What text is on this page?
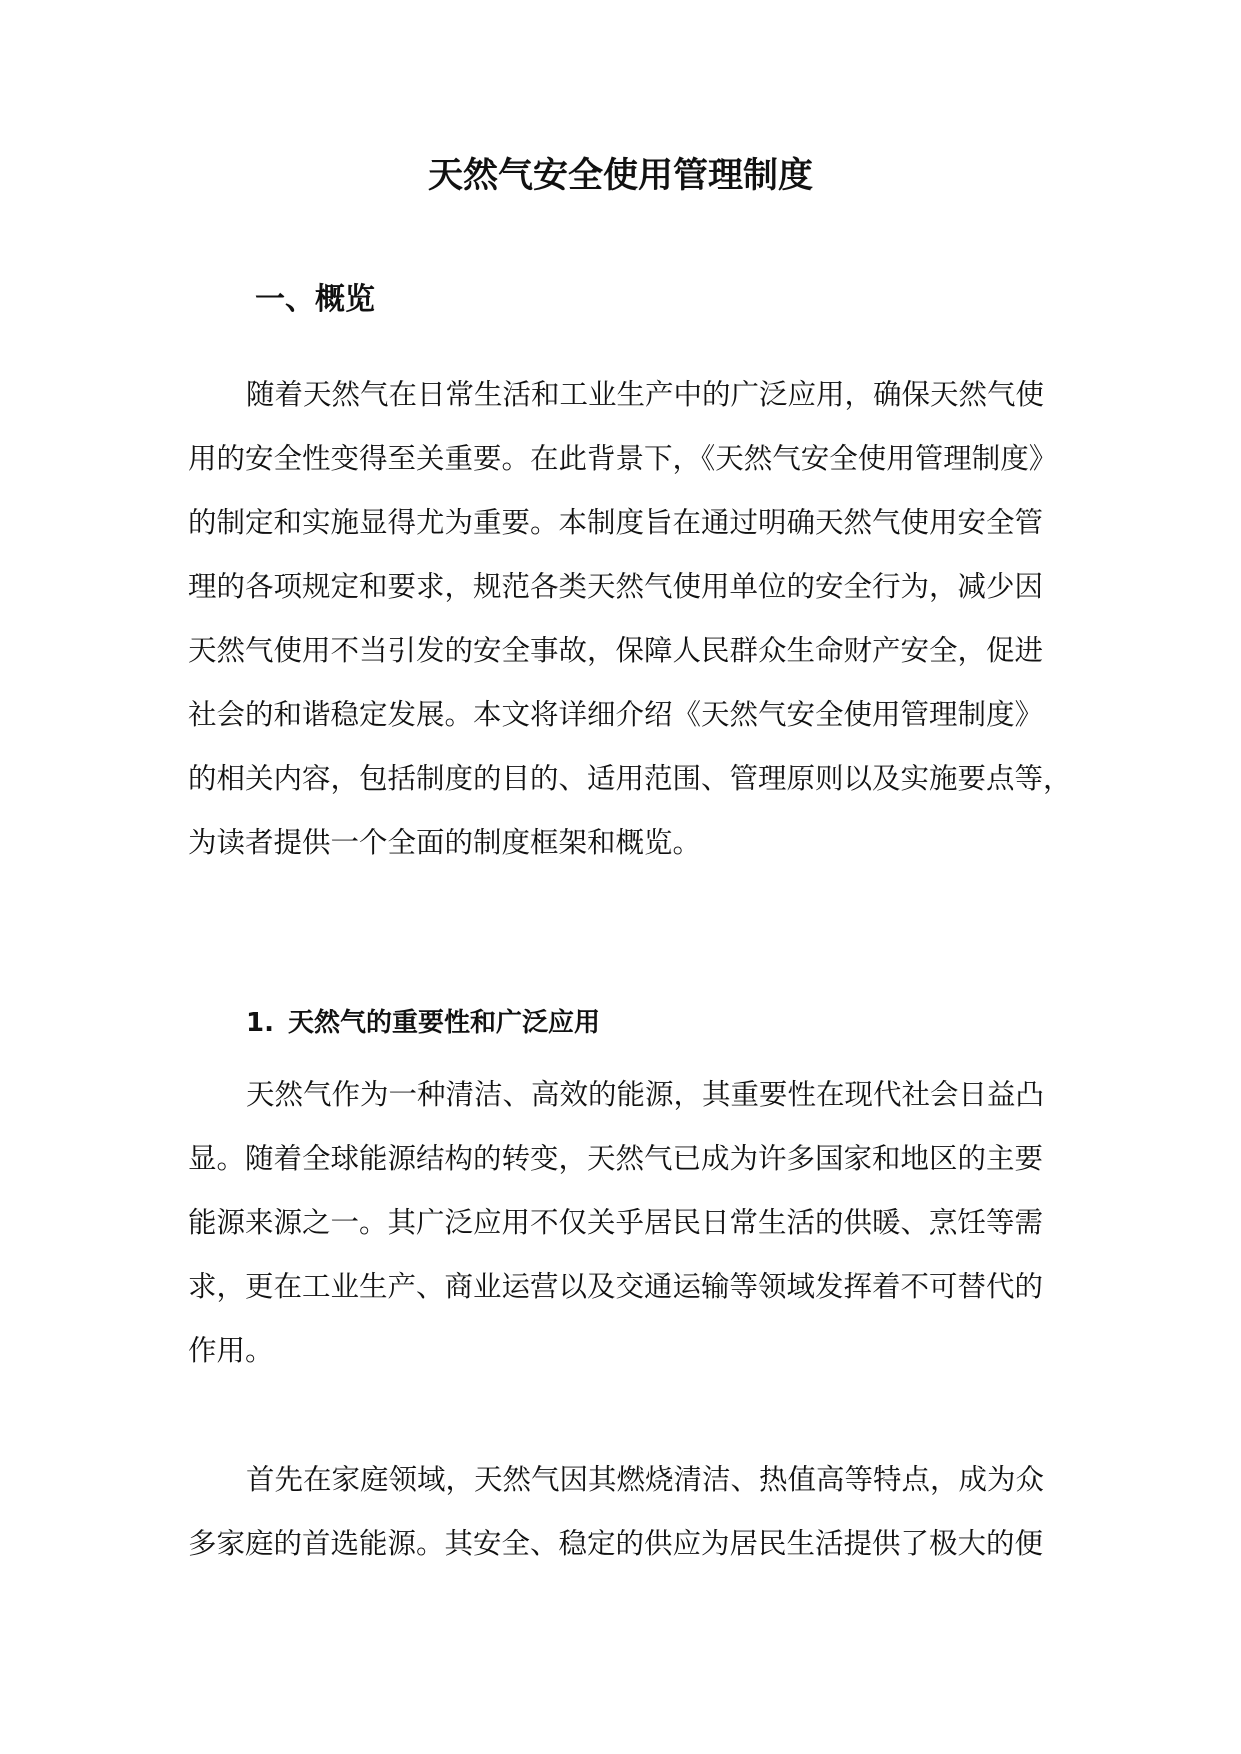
天然气安全使用管理制度
一、概览
随着天然气在日常生活和工业生产中的广泛应用，确保天然气使
用的安全性变得至关重要。在此背景下，《天然气安全使用管理制度》
的制定和实施显得尤为重要。本制度旨在通过明确天然气使用安全管
理的各项规定和要求，规范各类天然气使用单位的安全行为，减少因
天然气使用不当引发的安全事故，保障人民群众生命财产安全，促进
社会的和谐稳定发展。本文将详细介绍《天然气安全使用管理制度》
的相关内容，包括制度的目的、适用范围、管理原则以及实施要点等，
为读者提供一个全面的制度框架和概览。
1. 天然气的重要性和广泛应用
天然气作为一种清洁、高效的能源，其重要性在现代社会日益凸
显。随着全球能源结构的转变，天然气已成为许多国家和地区的主要
能源来源之一。其广泛应用不仅关乎居民日常生活的供暖、烹饪等需
求，更在工业生产、商业运营以及交通运输等领域发挥着不可替代的
作用。
首先在家庭领域，天然气因其燃烧清洁、热值高等特点，成为众
多家庭的首选能源。其安全、稳定的供应为居民生活提供了极大的便
